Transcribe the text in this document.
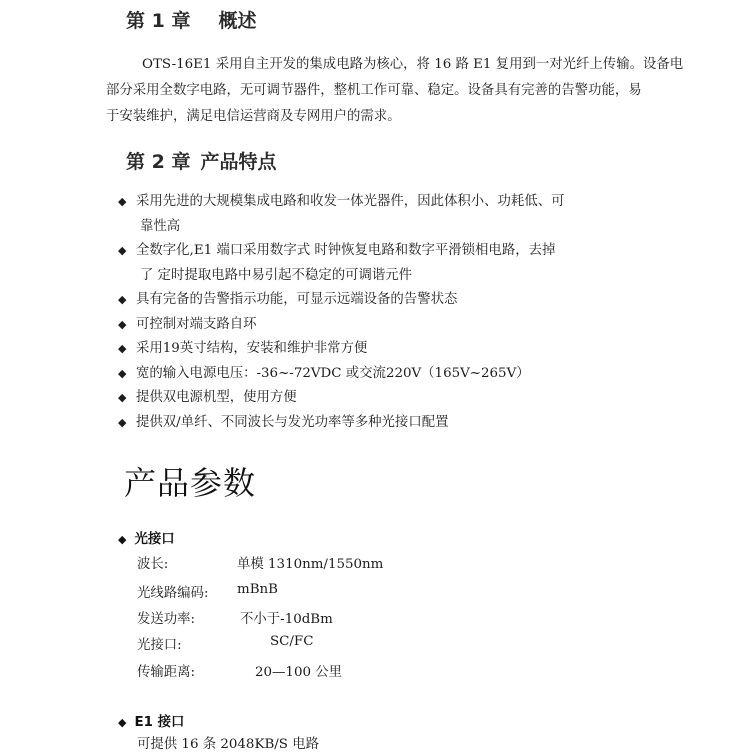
第 1 章 概述
OTS-16E1 采用自主开发的集成电路为核心，将 16 路 E1 复用到一对光纤上传输。设备电
部分采用全数字电路，无可调节器件，整机工作可靠、稳定。设备具有完善的告警功能，易
于安装维护，满足电信运营商及专网用户的需求。
第 2 章 产品特点
◆ 采用先进的大规模集成电路和收发一体光器件，因此体积小、功耗低、可
靠性高
◆ 全数字化,E1 端口采用数字式 时钟恢复电路和数字平滑锁相电路，去掉
了 定时提取电路中易引起不稳定的可调谐元件
◆ 具有完备的告警指示功能，可显示远端设备的告警状态
◆ 可控制对端支路自环
◆ 采用19英寸结构，安装和维护非常方便
◆ 宽的输入电源电压：-36~-72VDC 或交流220V（165V~265V）
◆ 提供双电源机型，使用方便
◆ 提供双/单纤、不同波长与发光功率等多种光接口配置
产品参数
◆ 光接口
波长:	单模 1310nm/1550nm
光线路编码: mBnB
发送功率:	不小于-10dBm
光接口:	SC/FC
传输距离:	20—100 公里
◆ E1 接口
可提供 16 条 2048KB/S 电路
